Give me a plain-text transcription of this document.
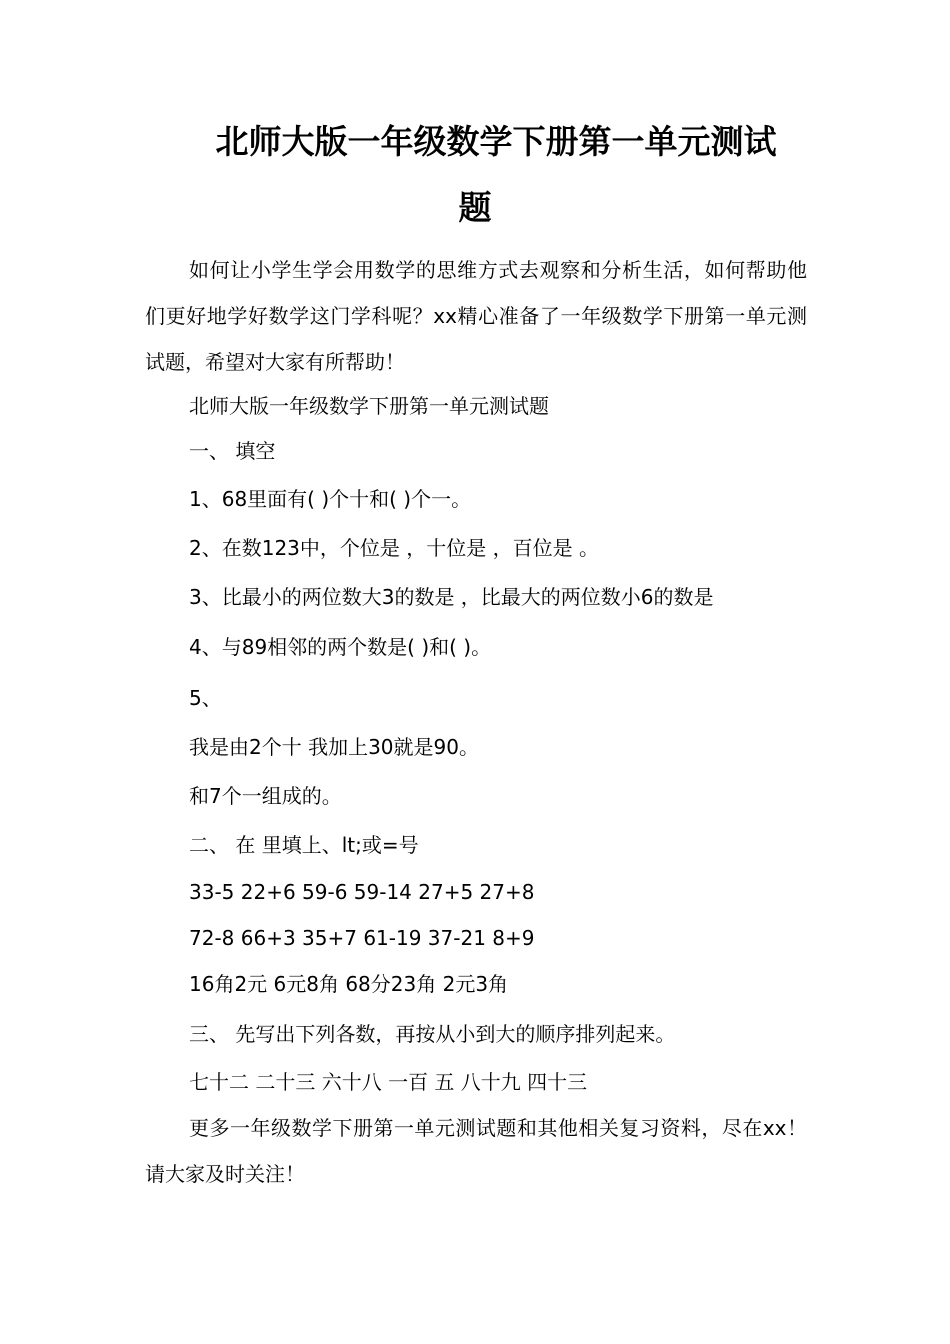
北师大版一年级数学下册第一单元测试
题
如何让小学生学会用数学的思维方式去观察和分析生活，如何帮助他们更好地学好数学这门学科呢？xx精心准备了一年级数学下册第一单元测试题，希望对大家有所帮助！
北师大版一年级数学下册第一单元测试题
一、 填空
1、68里面有( )个十和( )个一。
2、在数123中，个位是 ，十位是 ，百位是 。
3、比最小的两位数大3的数是 ，比最大的两位数小6的数是
4、与89相邻的两个数是( )和( )。
5、
我是由2个十 我加上30就是90。
和7个一组成的。
二、 在 里填上、lt;或=号
33-5 22+6 59-6 59-14 27+5 27+8
72-8 66+3 35+7 61-19 37-21 8+9
16角2元 6元8角 68分23角 2元3角
三、 先写出下列各数，再按从小到大的顺序排列起来。
七十二 二十三 六十八 一百 五 八十九 四十三
更多一年级数学下册第一单元测试题和其他相关复习资料，尽在xx！请大家及时关注！
